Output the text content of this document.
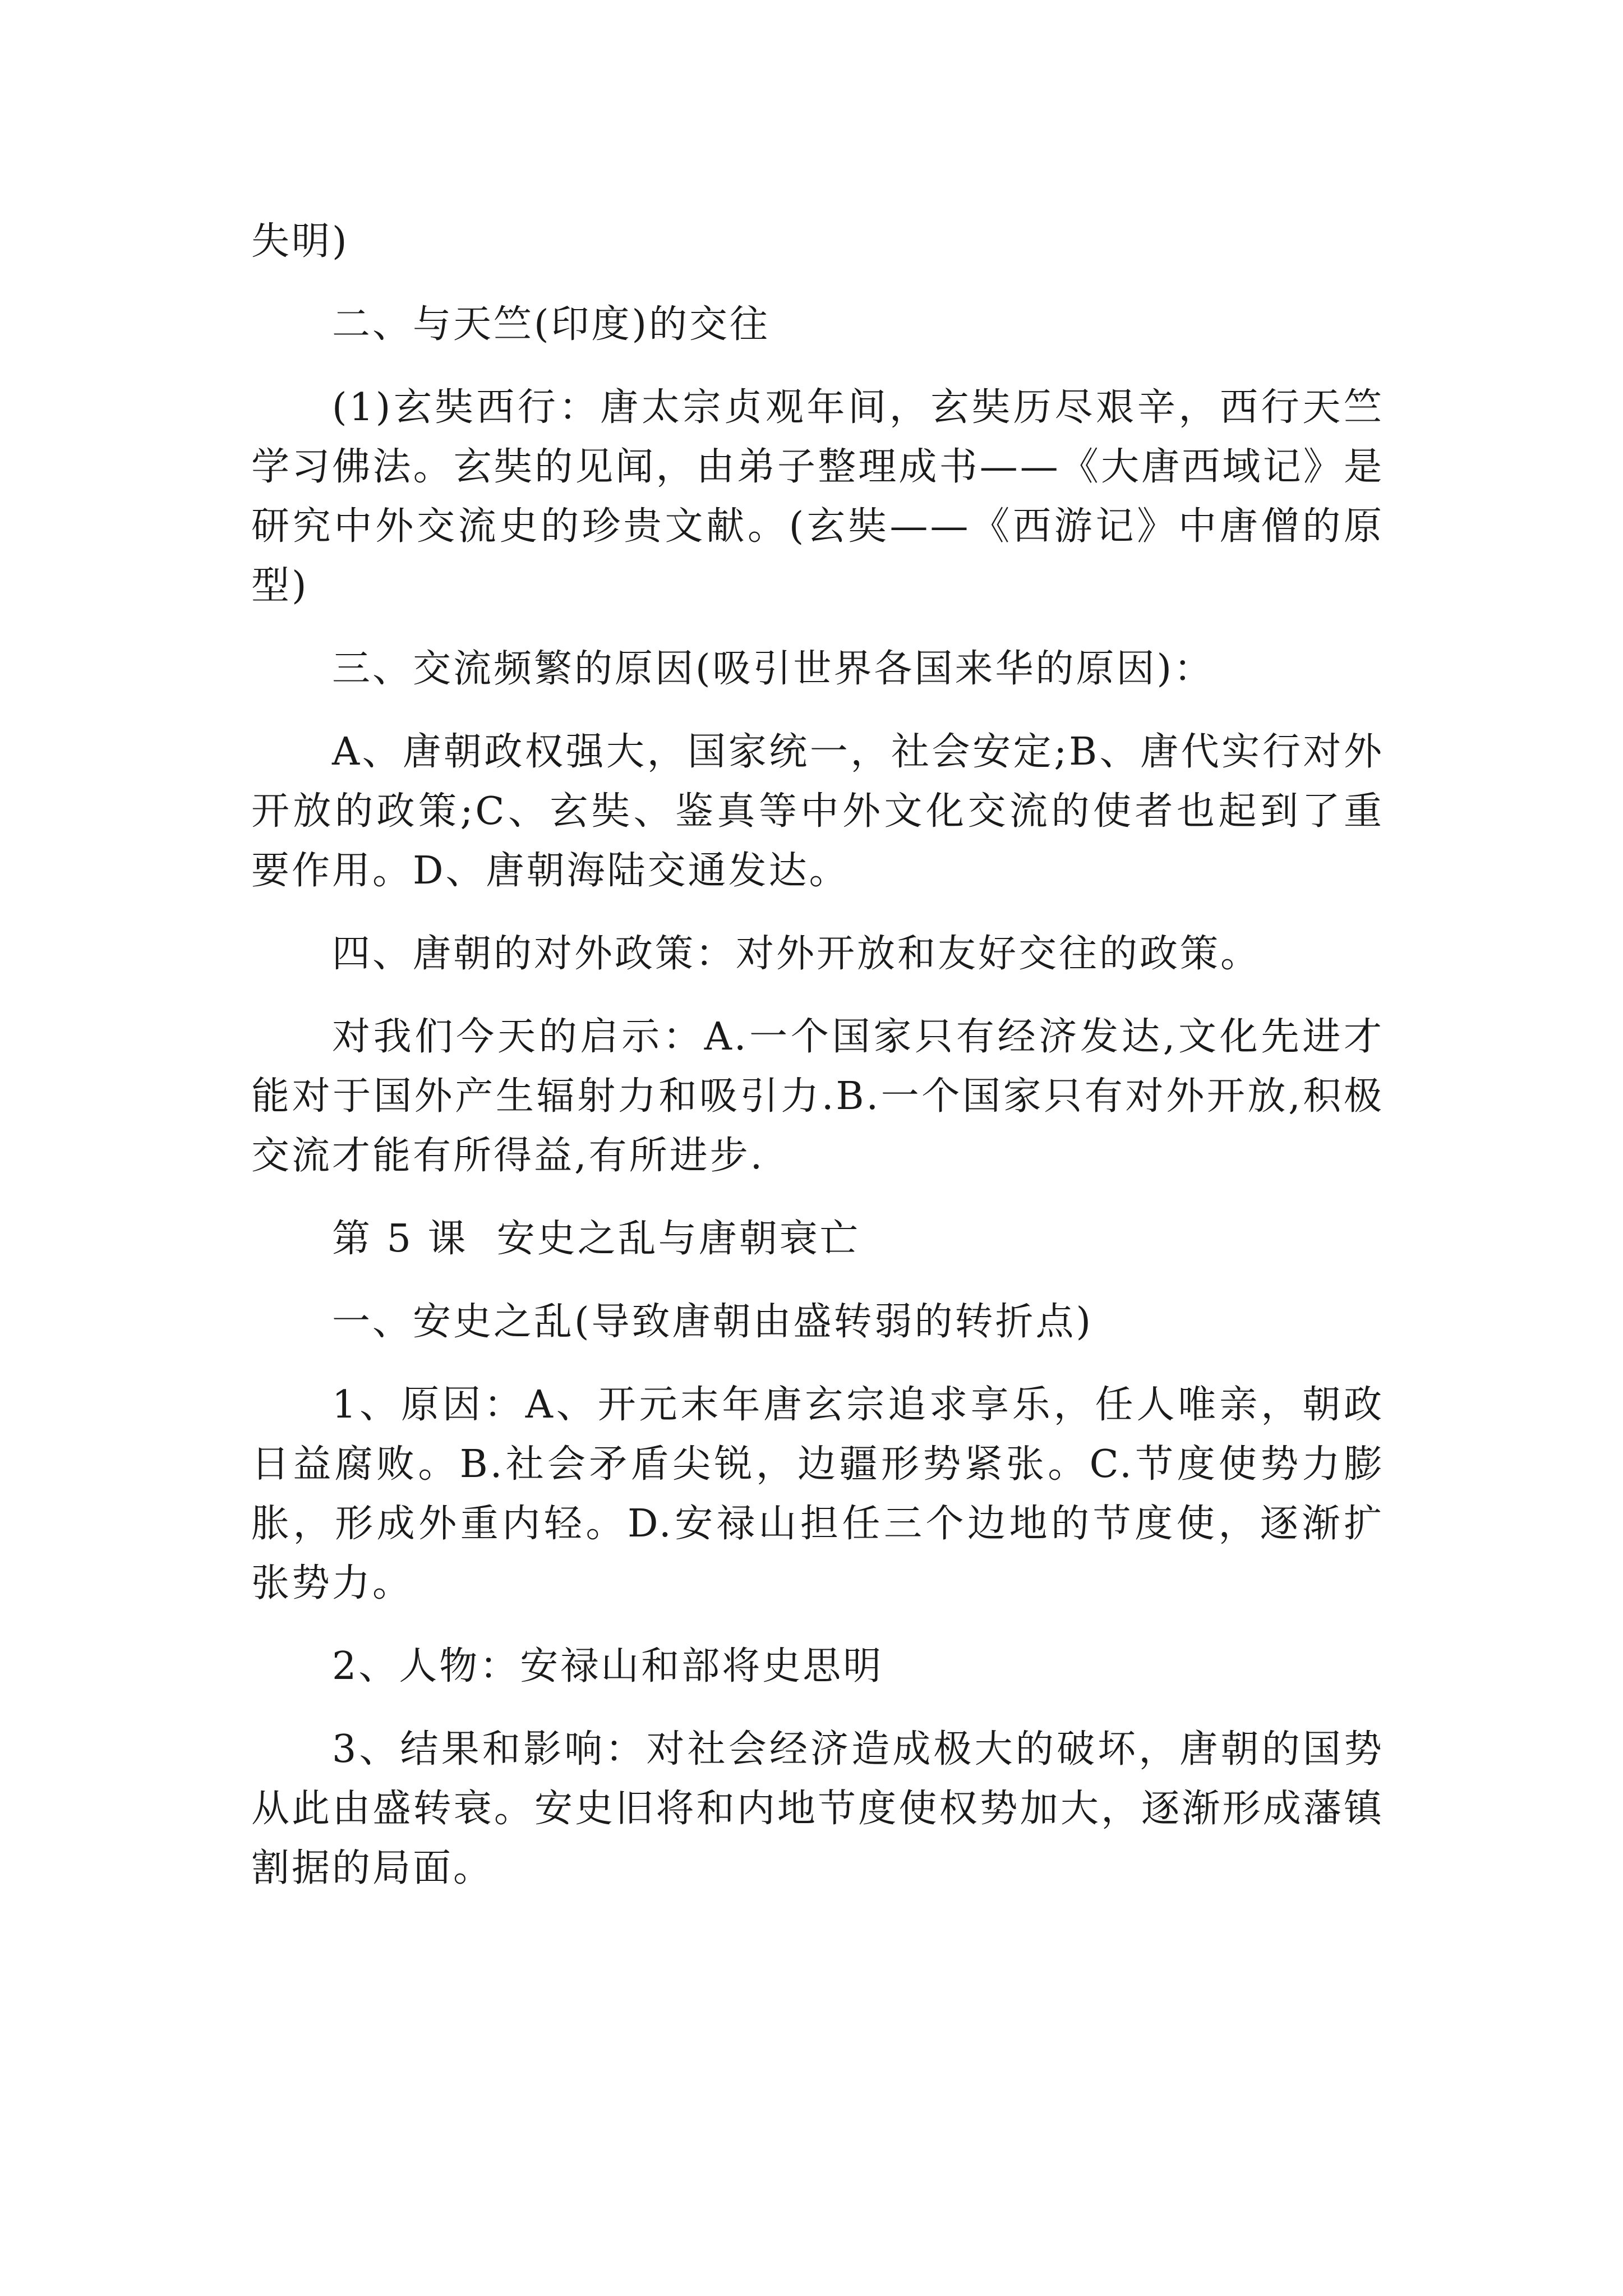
失明)

二、与天竺(印度)的交往

(1)玄奘西行：唐太宗贞观年间，玄奘历尽艰辛，西行天竺学习佛法。玄奘的见闻，由弟子整理成书——《大唐西域记》是研究中外交流史的珍贵文献。(玄奘——《西游记》中唐僧的原型)

三、交流频繁的原因(吸引世界各国来华的原因)：

A、唐朝政权强大，国家统一，社会安定;B、唐代实行对外开放的政策;C、玄奘、鉴真等中外文化交流的使者也起到了重要作用。D、唐朝海陆交通发达。

四、唐朝的对外政策：对外开放和友好交往的政策。

对我们今天的启示：A.一个国家只有经济发达,文化先进才能对于国外产生辐射力和吸引力.B.一个国家只有对外开放,积极交流才能有所得益,有所进步.

第 5 课  安史之乱与唐朝衰亡

一、安史之乱(导致唐朝由盛转弱的转折点)

1、原因：A、开元末年唐玄宗追求享乐，任人唯亲，朝政日益腐败。B.社会矛盾尖锐，边疆形势紧张。C.节度使势力膨胀，形成外重内轻。D.安禄山担任三个边地的节度使，逐渐扩张势力。

2、人物：安禄山和部将史思明

3、结果和影响：对社会经济造成极大的破坏，唐朝的国势从此由盛转衰。安史旧将和内地节度使权势加大，逐渐形成藩镇割据的局面。
